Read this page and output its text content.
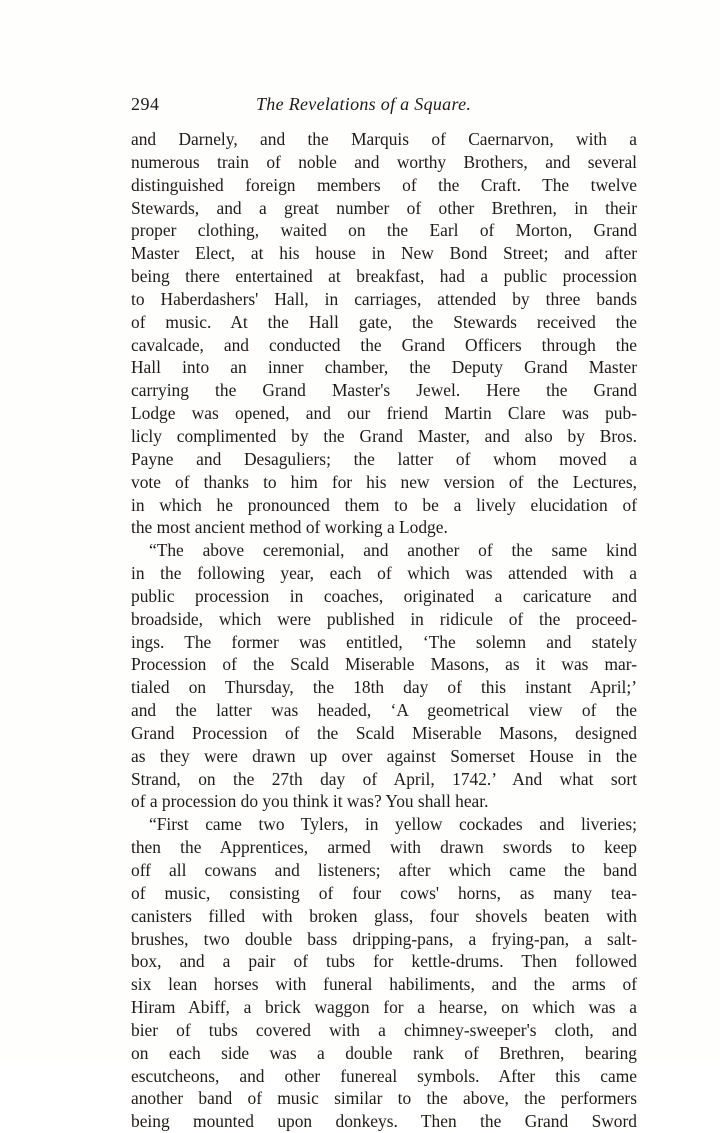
294	The Revelations of a Square.
and Darnely, and the Marquis of Caernarvon, with a
numerous train of noble and worthy Brothers, and several
distinguished foreign members of the Craft. The twelve
Stewards, and a great number of other Brethren, in their
proper clothing, waited on the Earl of Morton, Grand
Master Elect, at his house in New Bond Street; and after
being there entertained at breakfast, had a public procession
to Haberdashers' Hall, in carriages, attended by three bands
of music. At the Hall gate, the Stewards received the
cavalcade, and conducted the Grand Officers through the
Hall into an inner chamber, the Deputy Grand Master
carrying the Grand Master's Jewel. Here the Grand
Lodge was opened, and our friend Martin Clare was pub-
licly complimented by the Grand Master, and also by Bros.
Payne and Desaguliers; the latter of whom moved a
vote of thanks to him for his new version of the Lectures,
in which he pronounced them to be a lively elucidation of
the most ancient method of working a Lodge.
“The above ceremonial, and another of the same kind
in the following year, each of which was attended with a
public procession in coaches, originated a caricature and
broadside, which were published in ridicule of the proceed-
ings. The former was entitled, ‘The solemn and stately
Procession of the Scald Miserable Masons, as it was mar-
tialed on Thursday, the 18th day of this instant April;’
and the latter was headed, ‘A geometrical view of the
Grand Procession of the Scald Miserable Masons, designed
as they were drawn up over against Somerset House in the
Strand, on the 27th day of April, 1742.’ And what sort
of a procession do you think it was? You shall hear.
“First came two Tylers, in yellow cockades and liveries;
then the Apprentices, armed with drawn swords to keep
off all cowans and listeners; after which came the band
of music, consisting of four cows' horns, as many tea-
canisters filled with broken glass, four shovels beaten with
brushes, two double bass dripping-pans, a frying-pan, a salt-
box, and a pair of tubs for kettle-drums. Then followed
six lean horses with funeral habiliments, and the arms of
Hiram Abiff, a brick waggon for a hearse, on which was a
bier of tubs covered with a chimney-sweeper's cloth, and
on each side was a double rank of Brethren, bearing
escutcheons, and other funereal symbols. After this came
another band of music similar to the above, the performers
being mounted upon donkeys. Then the Grand Sword
